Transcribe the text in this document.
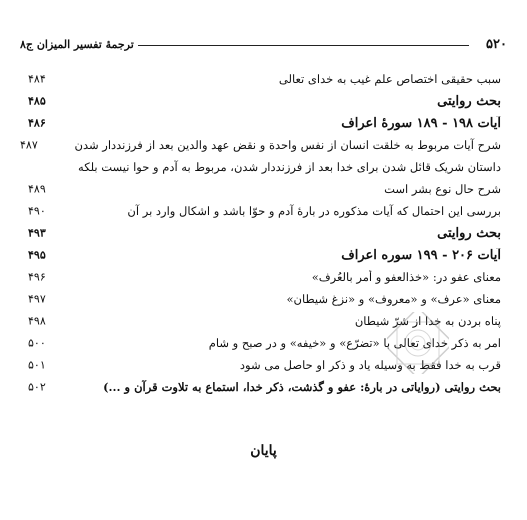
۵۲۰
ترجمهٔ تفسیر المیزان ج۸
سبب حقیقی اختصاص علم غیب به خدای تعالی
۴۸۴
بحث روایتی
۴۸۵
آیات ۱۹۸ - ۱۸۹ سورهٔ اعراف
۴۸۶
شرح آیات مربوط به خلقت انسان از نفس واحدة و نقض عهد والدین بعد از فرزنددار شدن
۴۸۷
داستان شریک قائل شدن برای خدا بعد از فرزنددار شدن، مربوط به آدم و حوا نیست بلکه
شرح حال نوع بشر است
۴۸۹
بررسی این احتمال که آیات مذکوره در بارهٔ آدم و حوّا باشد و اشکال وارد بر آن
۴۹۰
بحث روایتی
۴۹۳
آیات ۲۰۶ - ۱۹۹ سوره اعراف
۴۹۵
معنای عفو در: «خذالعفو و أمر بالعُرف»
۴۹۶
معنای «عرف» و «معروف» و «نزغ شیطان»
۴۹۷
پناه بردن به خدا از شرّ شیطان
۴۹۸
امر به ذکر خدای تعالی با «تضرّع» و «خیفه» و در صبح و شام
۵۰۰
قرب به خدا فقط به وسیله یاد و ذکر او حاصل می شود
۵۰۱
بحث روایتی (روایاتی در بارهٔ: عفو و گذشت، ذکر خدا، استماع به تلاوت قرآن و ...)
۵۰۲
پایان
